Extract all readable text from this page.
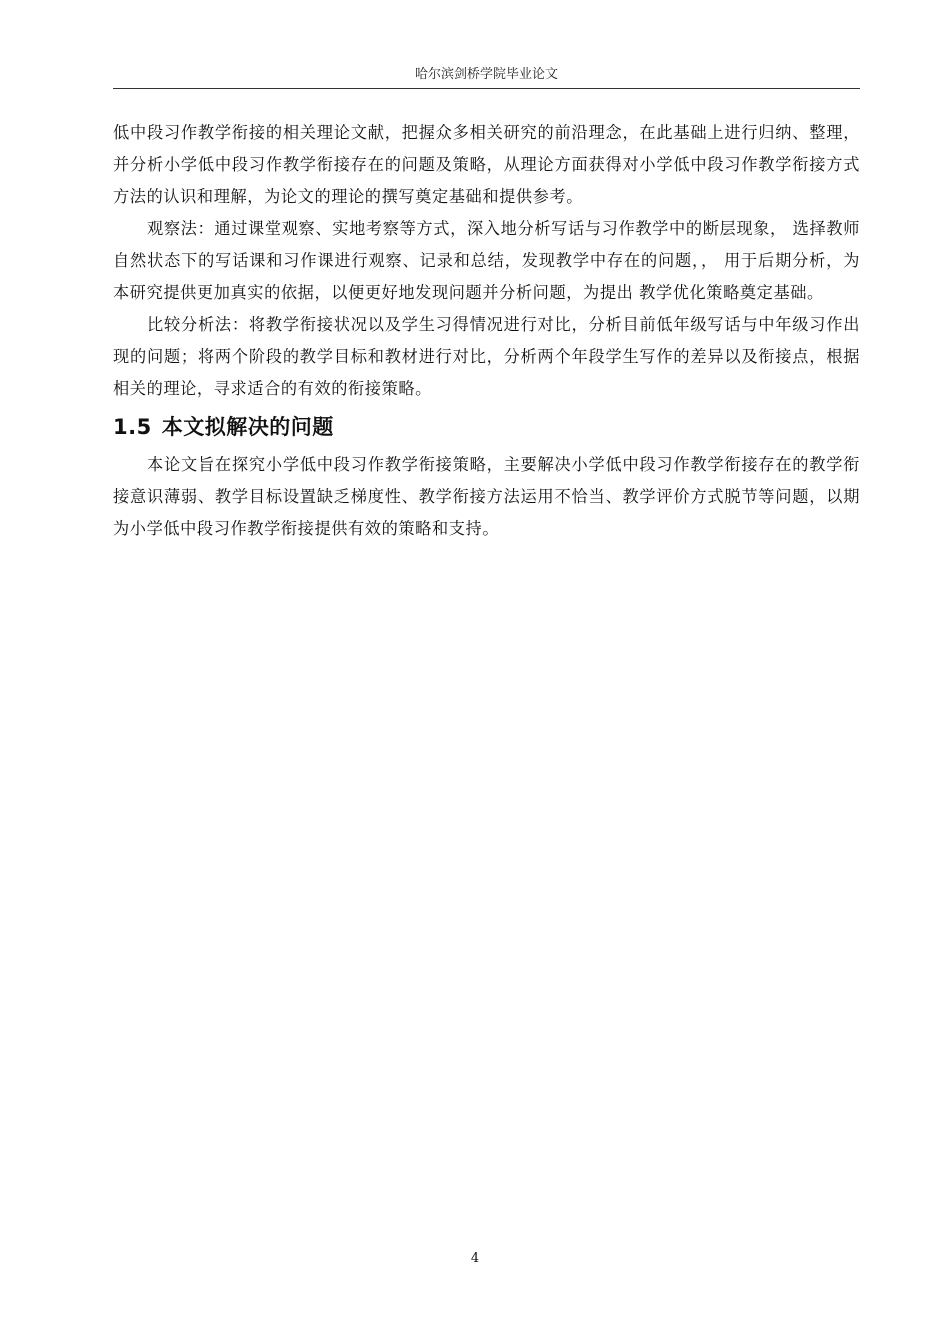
哈尔滨剑桥学院毕业论文

低中段习作教学衔接的相关理论文献，把握众多相关研究的前沿理念，在此基础上进行归纳、整理，并分析小学低中段习作教学衔接存在的问题及策略，从理论方面获得对小学低中段习作教学衔接方式方法的认识和理解，为论文的理论的撰写奠定基础和提供参考。

观察法：通过课堂观察、实地考察等方式，深入地分析写话与习作教学中的断层现象， 选择教师自然状态下的写话课和习作课进行观察、记录和总结，发现教学中存在的问题，， 用于后期分析，为本研究提供更加真实的依据，以便更好地发现问题并分析问题，为提出 教学优化策略奠定基础。

比较分析法：将教学衔接状况以及学生习得情况进行对比，分析目前低年级写话与中年级习作出现的问题；将两个阶段的教学目标和教材进行对比，分析两个年段学生写作的差异以及衔接点，根据相关的理论，寻求适合的有效的衔接策略。

1.5 本文拟解决的问题

本论文旨在探究小学低中段习作教学衔接策略，主要解决小学低中段习作教学衔接存在的教学衔接意识薄弱、教学目标设置缺乏梯度性、教学衔接方法运用不恰当、教学评价方式脱节等问题，以期为小学低中段习作教学衔接提供有效的策略和支持。

4
